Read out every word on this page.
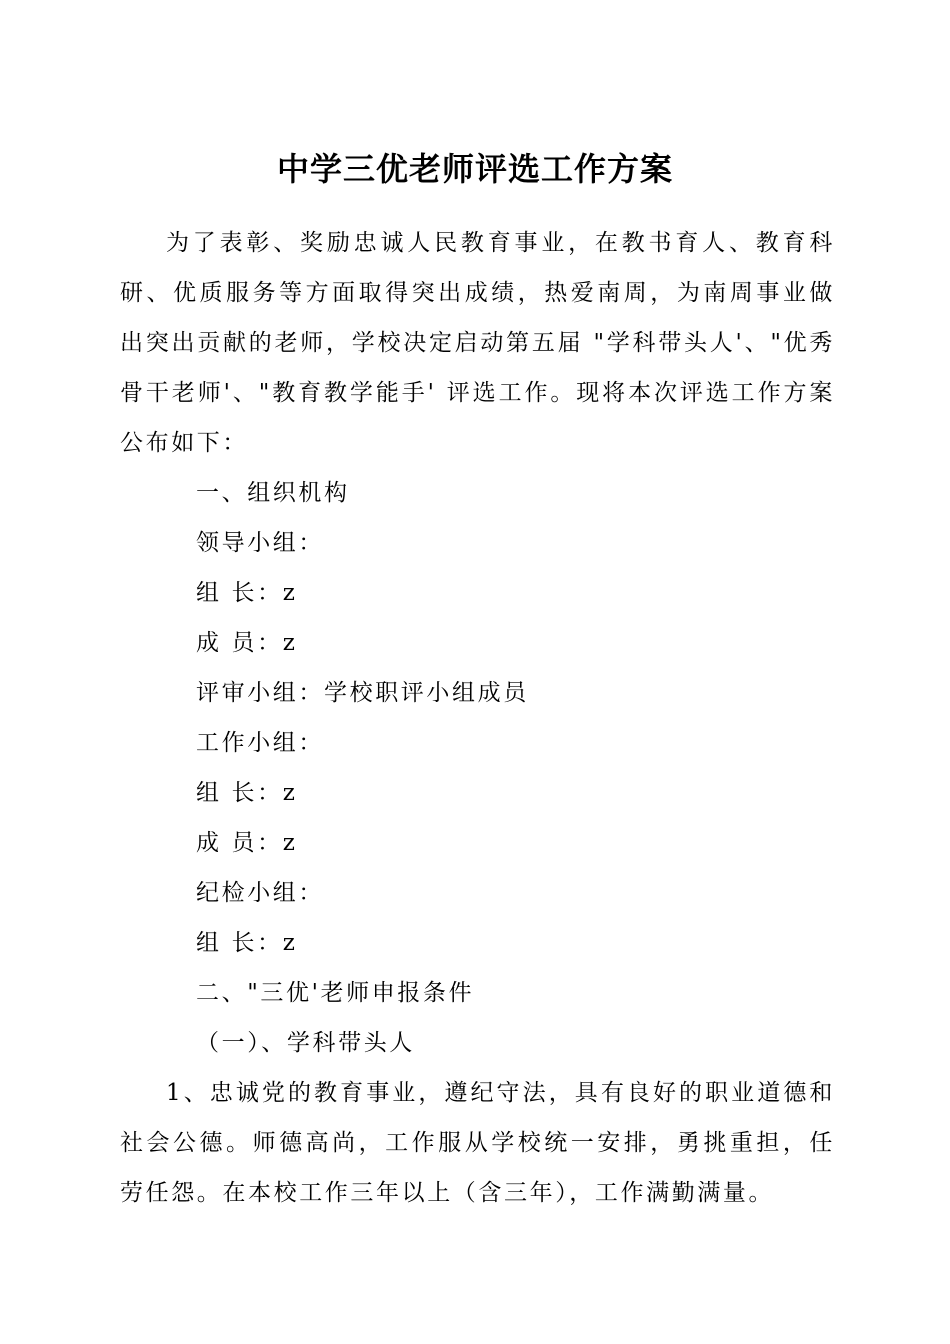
中学三优老师评选工作方案

为了表彰、奖励忠诚人民教育事业，在教书育人、教育科研、优质服务等方面取得突出成绩，热爱南周，为南周事业做出突出贡献的老师，学校决定启动第五届 "学科带头人'、"优秀骨干老师'、"教育教学能手' 评选工作。现将本次评选工作方案公布如下：

一、组织机构

领导小组：

组 长：z

成 员：z

评审小组：学校职评小组成员

工作小组：

组 长：z

成 员：z

纪检小组：

组 长：z

二、"三优'老师申报条件

（一）、学科带头人

1、忠诚党的教育事业，遵纪守法，具有良好的职业道德和社会公德。师德高尚，工作服从学校统一安排，勇挑重担，任劳任怨。在本校工作三年以上（含三年），工作满勤满量。
